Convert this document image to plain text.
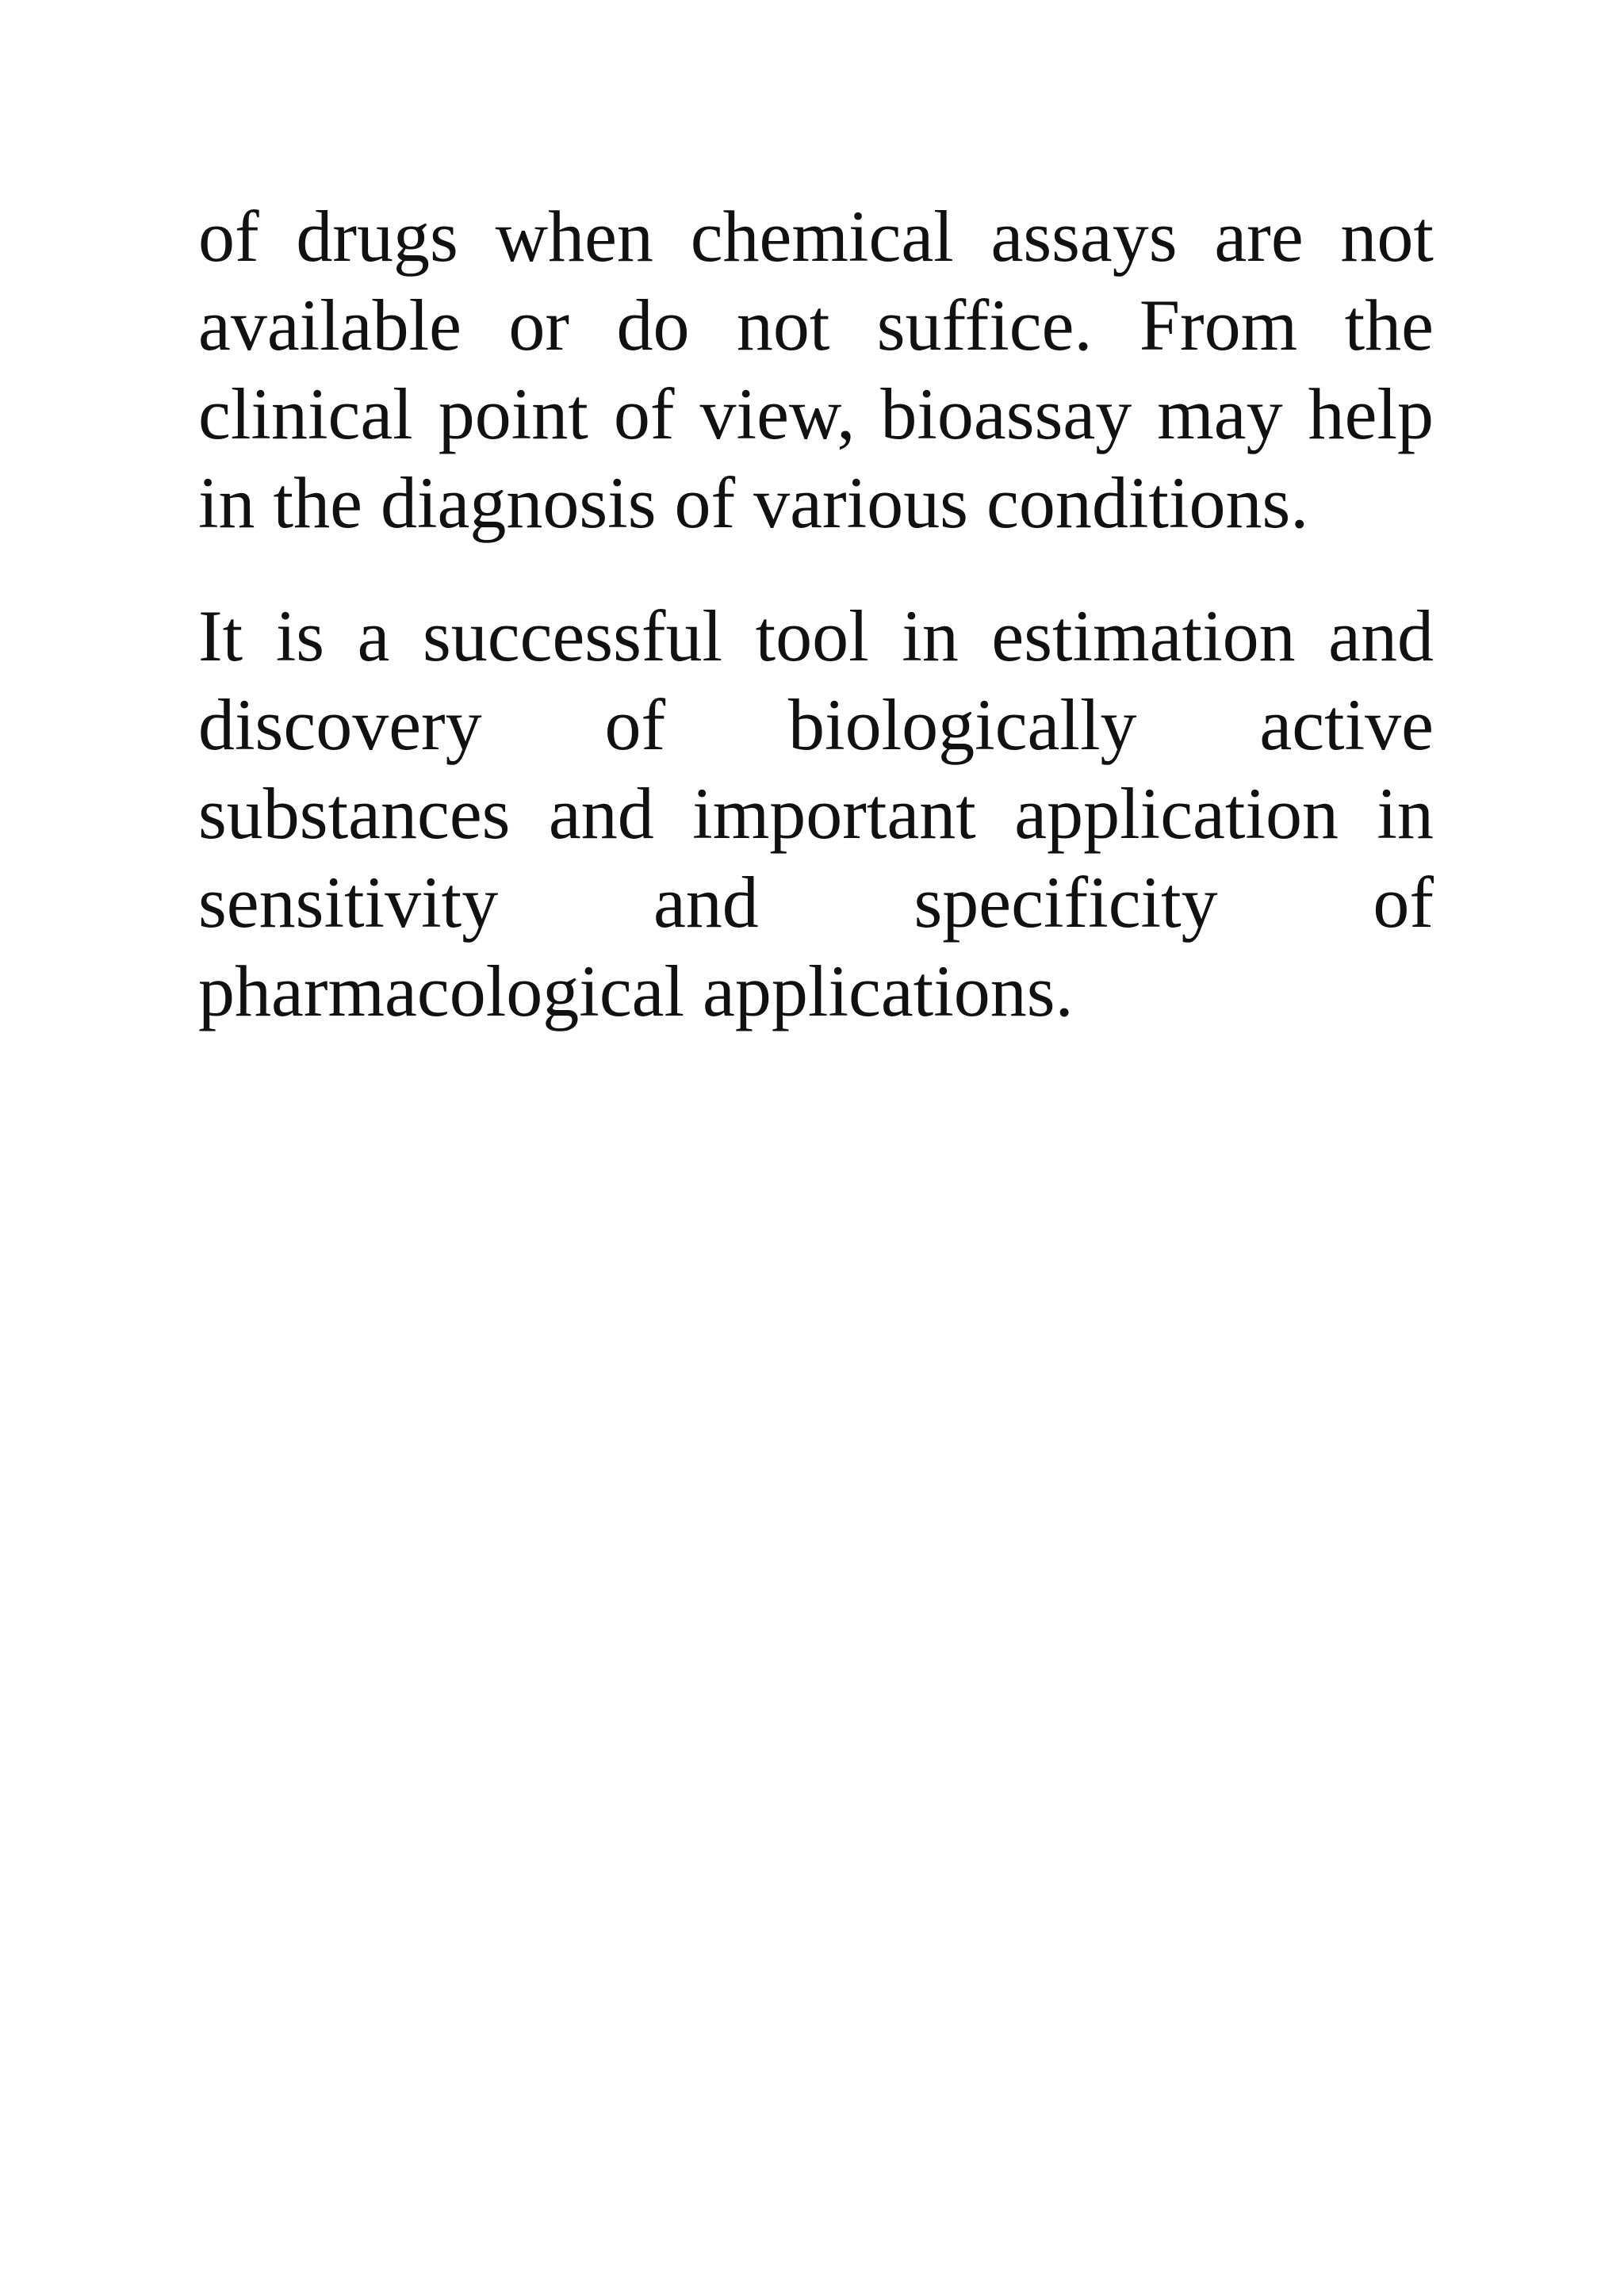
of drugs when chemical assays are not available or do not suffice. From the clinical point of view, bioassay may help in the diagnosis of various conditions.

It is a successful tool in estimation and discovery of biologically active substances and important application in sensitivity and specificity of pharmacological applications.
